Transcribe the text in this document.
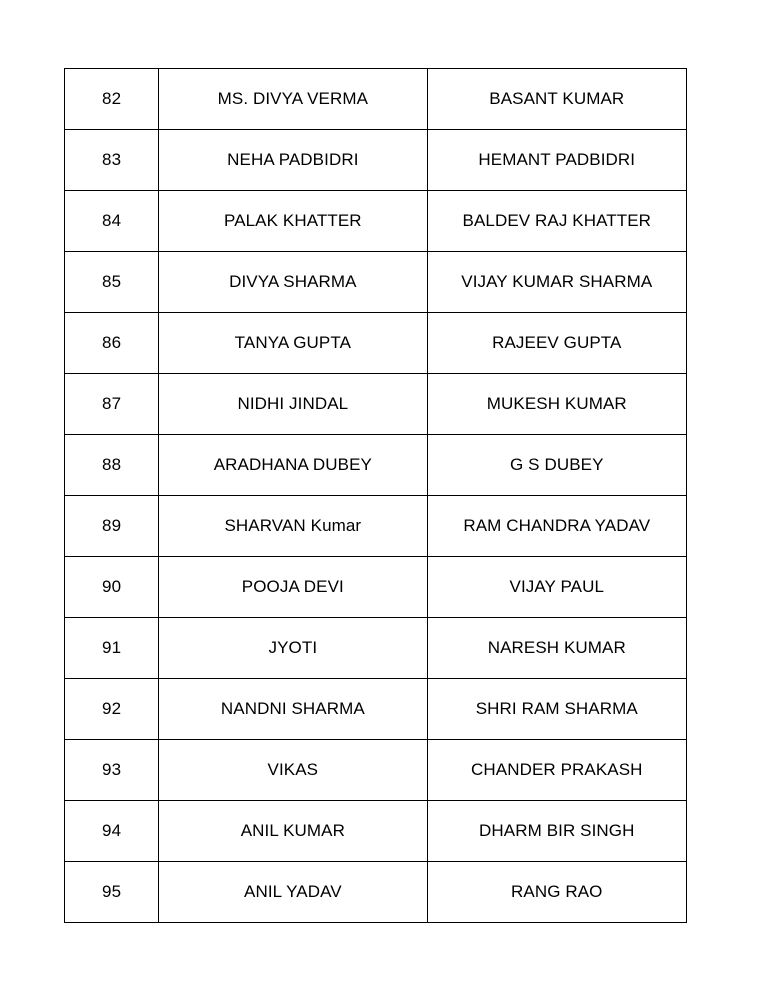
82	MS. DIVYA VERMA	BASANT KUMAR
83	NEHA PADBIDRI	HEMANT PADBIDRI
84	PALAK KHATTER	BALDEV RAJ KHATTER
85	DIVYA SHARMA	VIJAY KUMAR SHARMA
86	TANYA GUPTA	RAJEEV GUPTA
87	NIDHI JINDAL	MUKESH KUMAR
88	ARADHANA DUBEY	G S DUBEY
89	SHARVAN Kumar	RAM CHANDRA YADAV
90	POOJA DEVI	VIJAY PAUL
91	JYOTI	NARESH KUMAR
92	NANDNI SHARMA	SHRI RAM SHARMA
93	VIKAS	CHANDER PRAKASH
94	ANIL KUMAR	DHARM BIR SINGH
95	ANIL YADAV	RANG RAO
